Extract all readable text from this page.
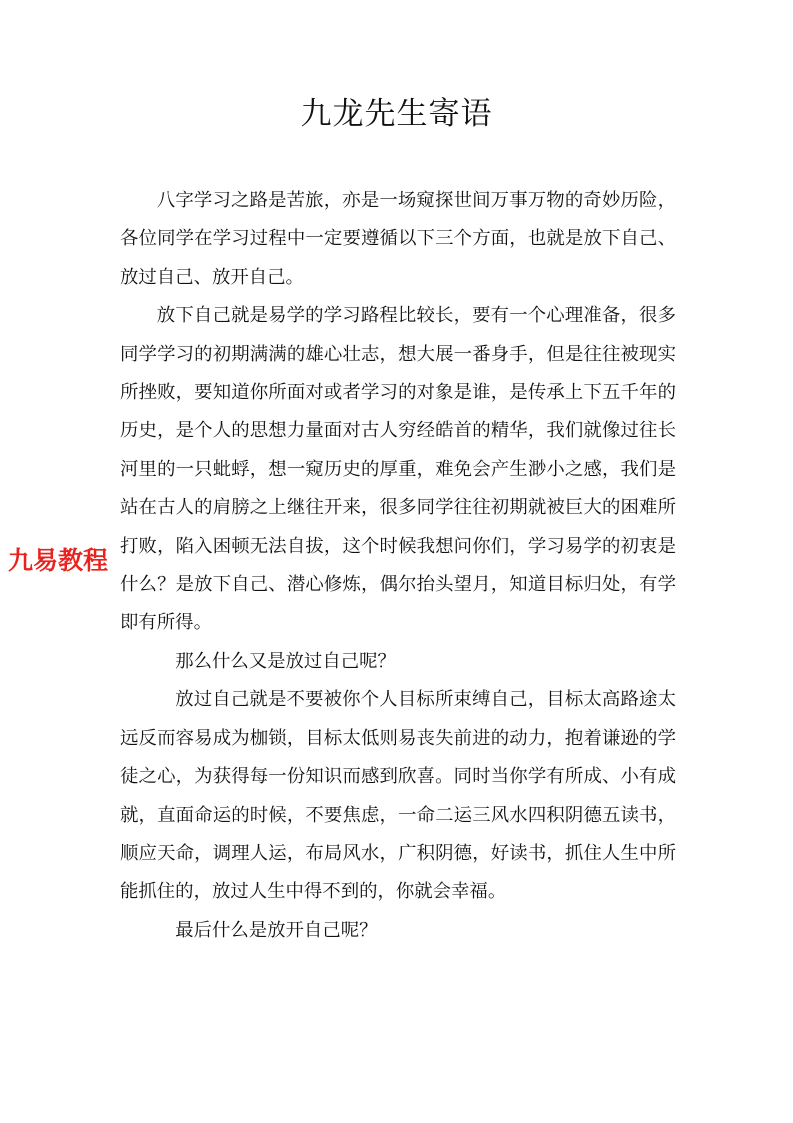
九龙先生寄语

八字学习之路是苦旅，亦是一场窥探世间万事万物的奇妙历险，各位同学在学习过程中一定要遵循以下三个方面，也就是放下自己、放过自己、放开自己。

放下自己就是易学的学习路程比较长，要有一个心理准备，很多同学学习的初期满满的雄心壮志，想大展一番身手，但是往往被现实所挫败，要知道你所面对或者学习的对象是谁，是传承上下五千年的历史，是个人的思想力量面对古人穷经皓首的精华，我们就像过往长河里的一只蚍蜉，想一窥历史的厚重，难免会产生渺小之感，我们是站在古人的肩膀之上继往开来，很多同学往往初期就被巨大的困难所打败，陷入困顿无法自拔，这个时候我想问你们，学习易学的初衷是什么？是放下自己、潜心修炼，偶尔抬头望月，知道目标归处，有学即有所得。

那么什么又是放过自己呢？

放过自己就是不要被你个人目标所束缚自己，目标太高路途太远反而容易成为枷锁，目标太低则易丧失前进的动力，抱着谦逊的学徒之心，为获得每一份知识而感到欣喜。同时当你学有所成、小有成就，直面命运的时候，不要焦虑，一命二运三风水四积阴德五读书，顺应天命，调理人运，布局风水，广积阴德，好读书，抓住人生中所能抓住的，放过人生中得不到的，你就会幸福。

最后什么是放开自己呢？

九易教程
